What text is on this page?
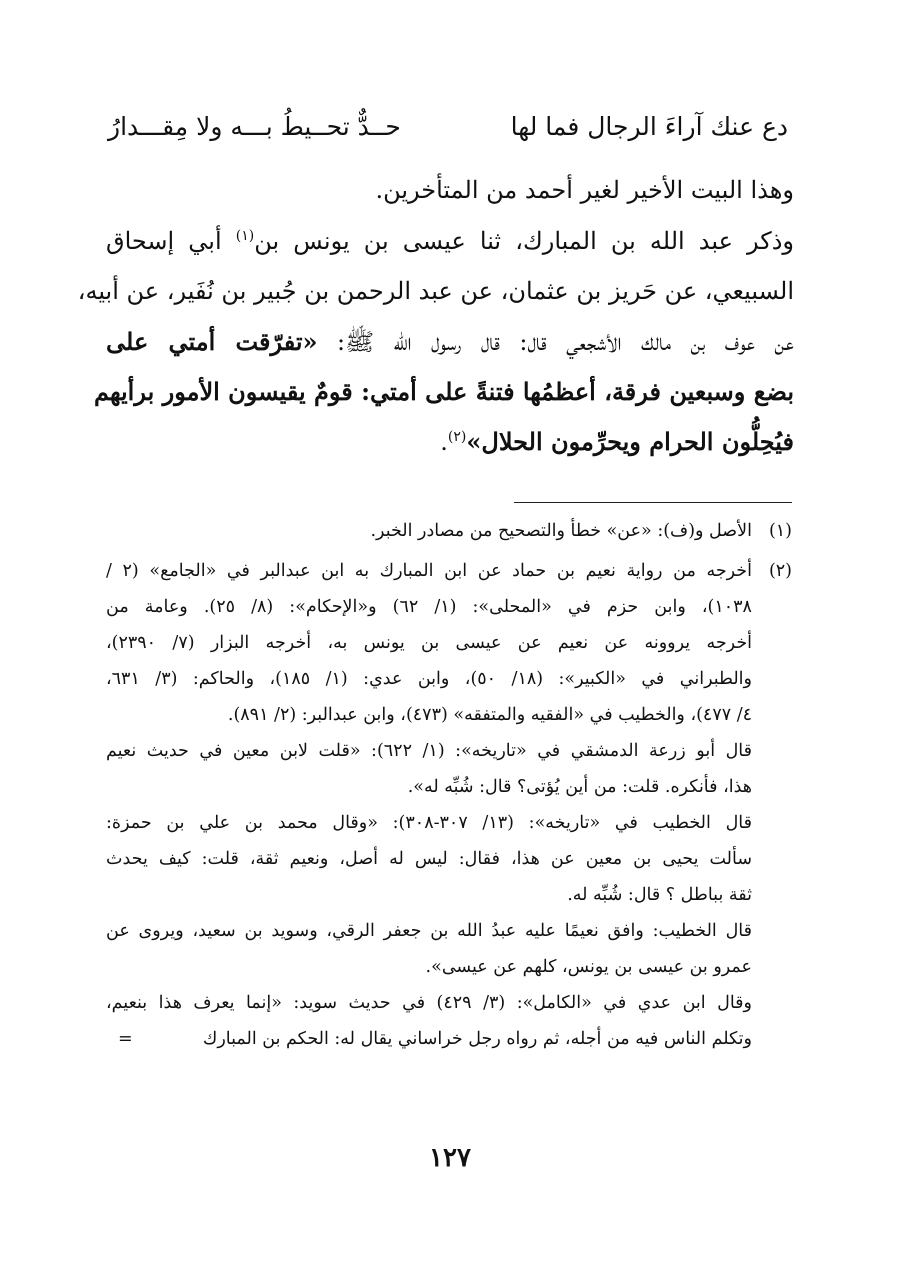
دع عنك آراءَ الرجال فما لها
حــدٌّ تحــيطُ بـــه ولا مِقـــدارُ
وهذا البيت الأخير لغير أحمد من المتأخرين.
وذكر عبد الله بن المبارك، ثنا عيسى بن يونس بن$^{(١)}$ أبي إسحاق
السبيعي، عن حَريز بن عثمان، عن عبد الرحمن بن جُبير بن نُفَير، عن أبيه،
عن عوف بن مالك الأشجعي قال: قال رسول الله ﷺ: «تفرّقت أمتي على
بضع وسبعين فرقة، أعظمُها فتنةً على أمتي: قومٌ يقيسون الأمور برأيهم
فيُحِلُّون الحرام ويحرِّمون الحلال»$^{(٢)}$.
(١)
الأصل و(ف): «عن» خطأ والتصحيح من مصادر الخبر.
(٢)
أخرجه من رواية نعيم بن حماد عن ابن المبارك به ابن عبدالبر في «الجامع» (٢ /
١٠٣٨)، وابن حزم في «المحلى»: (١/ ٦٢) و«الإحكام»: (٨/ ٢٥). وعامة من
أخرجه يروونه عن نعيم عن عيسى بن يونس به، أخرجه البزار (٧/ ٢٣٩٠)،
والطبراني في «الكبير»: (١٨/ ٥٠)، وابن عدي: (١/ ١٨٥)، والحاكم: (٣/ ٦٣١،
٤/ ٤٧٧)، والخطيب في «الفقيه والمتفقه» (٤٧٣)، وابن عبدالبر: (٢/ ٨٩١).
قال أبو زرعة الدمشقي في «تاريخه»: (١/ ٦٢٢): «قلت لابن معين في حديث نعيم
هذا، فأنكره. قلت: من أين يُؤتى؟ قال: شُبِّه له».
قال الخطيب في «تاريخه»: (١٣/ ٣٠٧-٣٠٨): «وقال محمد بن علي بن حمزة:
سألت يحيى بن معين عن هذا، فقال: ليس له أصل، ونعيم ثقة، قلت: كيف يحدث
ثقة بباطل ؟ قال: شُبِّه له.
قال الخطيب: وافق نعيمًا عليه عبدُ الله بن جعفر الرقي، وسويد بن سعيد، ويروى عن
عمرو بن عيسى بن يونس، كلهم عن عيسى».
وقال ابن عدي في «الكامل»: (٣/ ٤٢٩) في حديث سويد: «إنما يعرف هذا بنعيم،
وتكلم الناس فيه من أجله، ثم رواه رجل خراساني يقال له: الحكم بن المبارك
=
١٢٧
